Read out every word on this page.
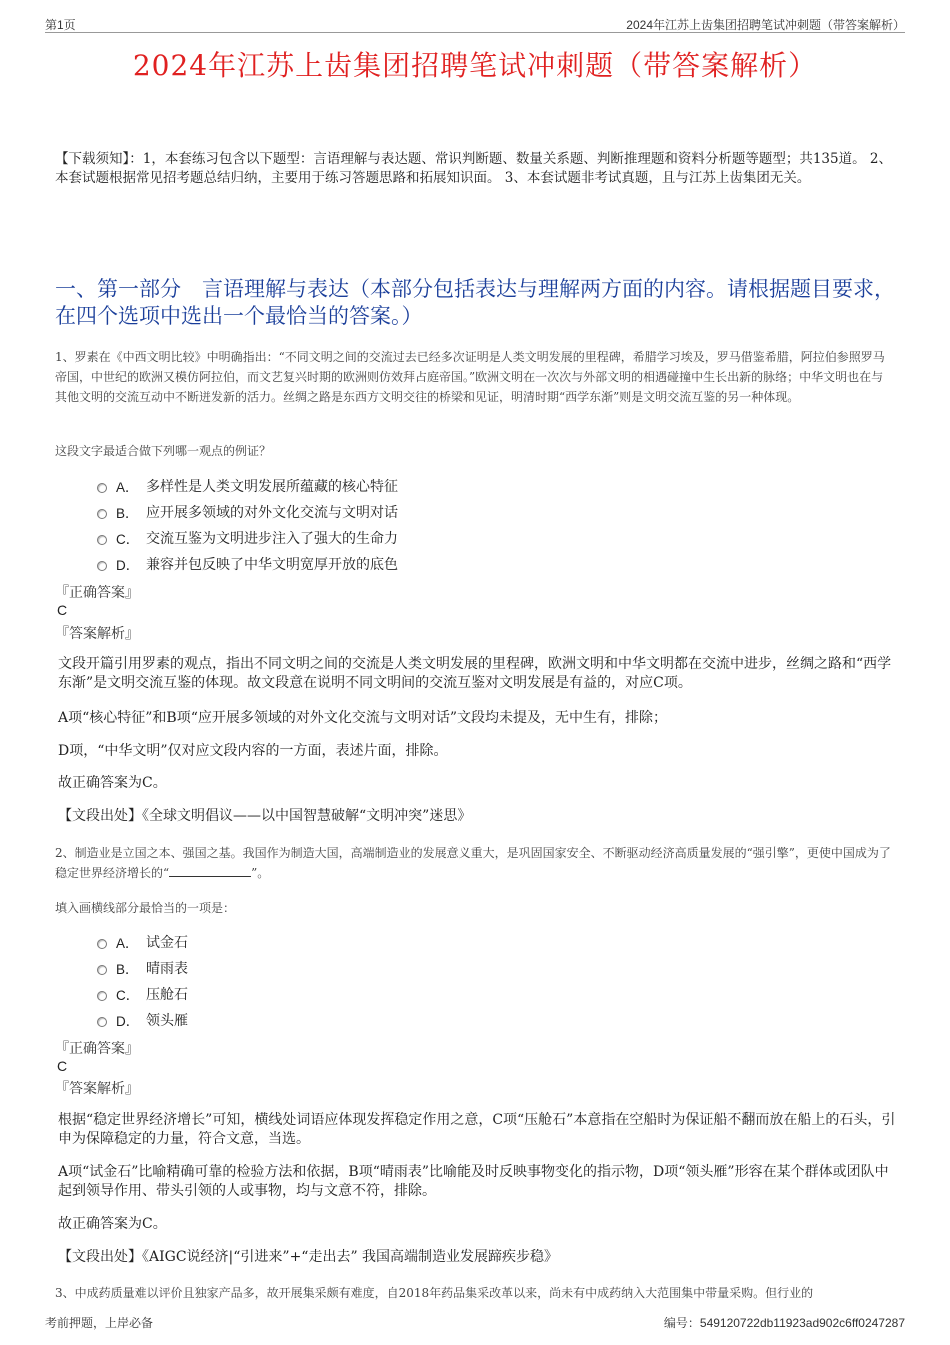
第1页	2024年江苏上齿集团招聘笔试冲刺题（带答案解析）
2024年江苏上齿集团招聘笔试冲刺题（带答案解析）
【下载须知】：1，本套练习包含以下题型：言语理解与表达题、常识判断题、数量关系题、判断推理题和资料分析题等题型；共135道。 2、本套试题根据常见招考题总结归纳，主要用于练习答题思路和拓展知识面。 3、本套试题非考试真题，且与江苏上齿集团无关。
一、第一部分　言语理解与表达（本部分包括表达与理解两方面的内容。请根据题目要求，在四个选项中选出一个最恰当的答案。）
1、罗素在《中西文明比较》中明确指出：“不同文明之间的交流过去已经多次证明是人类文明发展的里程碑，希腊学习埃及，罗马借鉴希腊，阿拉伯参照罗马帝国，中世纪的欧洲又模仿阿拉伯，而文艺复兴时期的欧洲则仿效拜占庭帝国。”欧洲文明在一次次与外部文明的相遇碰撞中生长出新的脉络；中华文明也在与其他文明的交流互动中不断迸发新的活力。丝绸之路是东西方文明交往的桥梁和见证，明清时期“西学东渐”则是文明交流互鉴的另一种体现。
这段文字最适合做下列哪一观点的例证？
A． 多样性是人类文明发展所蕴藏的核心特征
B． 应开展多领域的对外文化交流与文明对话
C． 交流互鉴为文明进步注入了强大的生命力
D． 兼容并包反映了中华文明宽厚开放的底色
『正确答案』
C
『答案解析』
文段开篇引用罗素的观点，指出不同文明之间的交流是人类文明发展的里程碑，欧洲文明和中华文明都在交流中进步，丝绸之路和“西学东渐”是文明交流互鉴的体现。故文段意在说明不同文明间的交流互鉴对文明发展是有益的，对应C项。
A项“核心特征”和B项“应开展多领域的对外文化交流与文明对话”文段均未提及，无中生有，排除；
D项，“中华文明”仅对应文段内容的一方面，表述片面，排除。
故正确答案为C。
【文段出处】《全球文明倡议——以中国智慧破解“文明冲突”迷思》
2、制造业是立国之本、强国之基。我国作为制造大国，高端制造业的发展意义重大，是巩固国家安全、不断驱动经济高质量发展的“强引擎”，更使中国成为了稳定世界经济增长的“	”。
填入画横线部分最恰当的一项是：
A． 试金石
B． 晴雨表
C． 压舱石
D． 领头雁
『正确答案』
C
『答案解析』
根据“稳定世界经济增长”可知，横线处词语应体现发挥稳定作用之意，C项“压舱石”本意指在空船时为保证船不翻而放在船上的石头，引申为保障稳定的力量，符合文意，当选。
A项“试金石”比喻精确可靠的检验方法和依据，B项“晴雨表”比喻能及时反映事物变化的指示物，D项“领头雁”形容在某个群体或团队中起到领导作用、带头引领的人或事物，均与文意不符，排除。
故正确答案为C。
【文段出处】《AIGC说经济|“引进来”+“走出去” 我国高端制造业发展蹄疾步稳》
3、中成药质量难以评价且独家产品多，故开展集采颇有难度，自2018年药品集采改革以来，尚未有中成药纳入大范围集中带量采购。但行业的
考前押题，上岸必备	编号：549120722db11923ad902c6ff0247287
